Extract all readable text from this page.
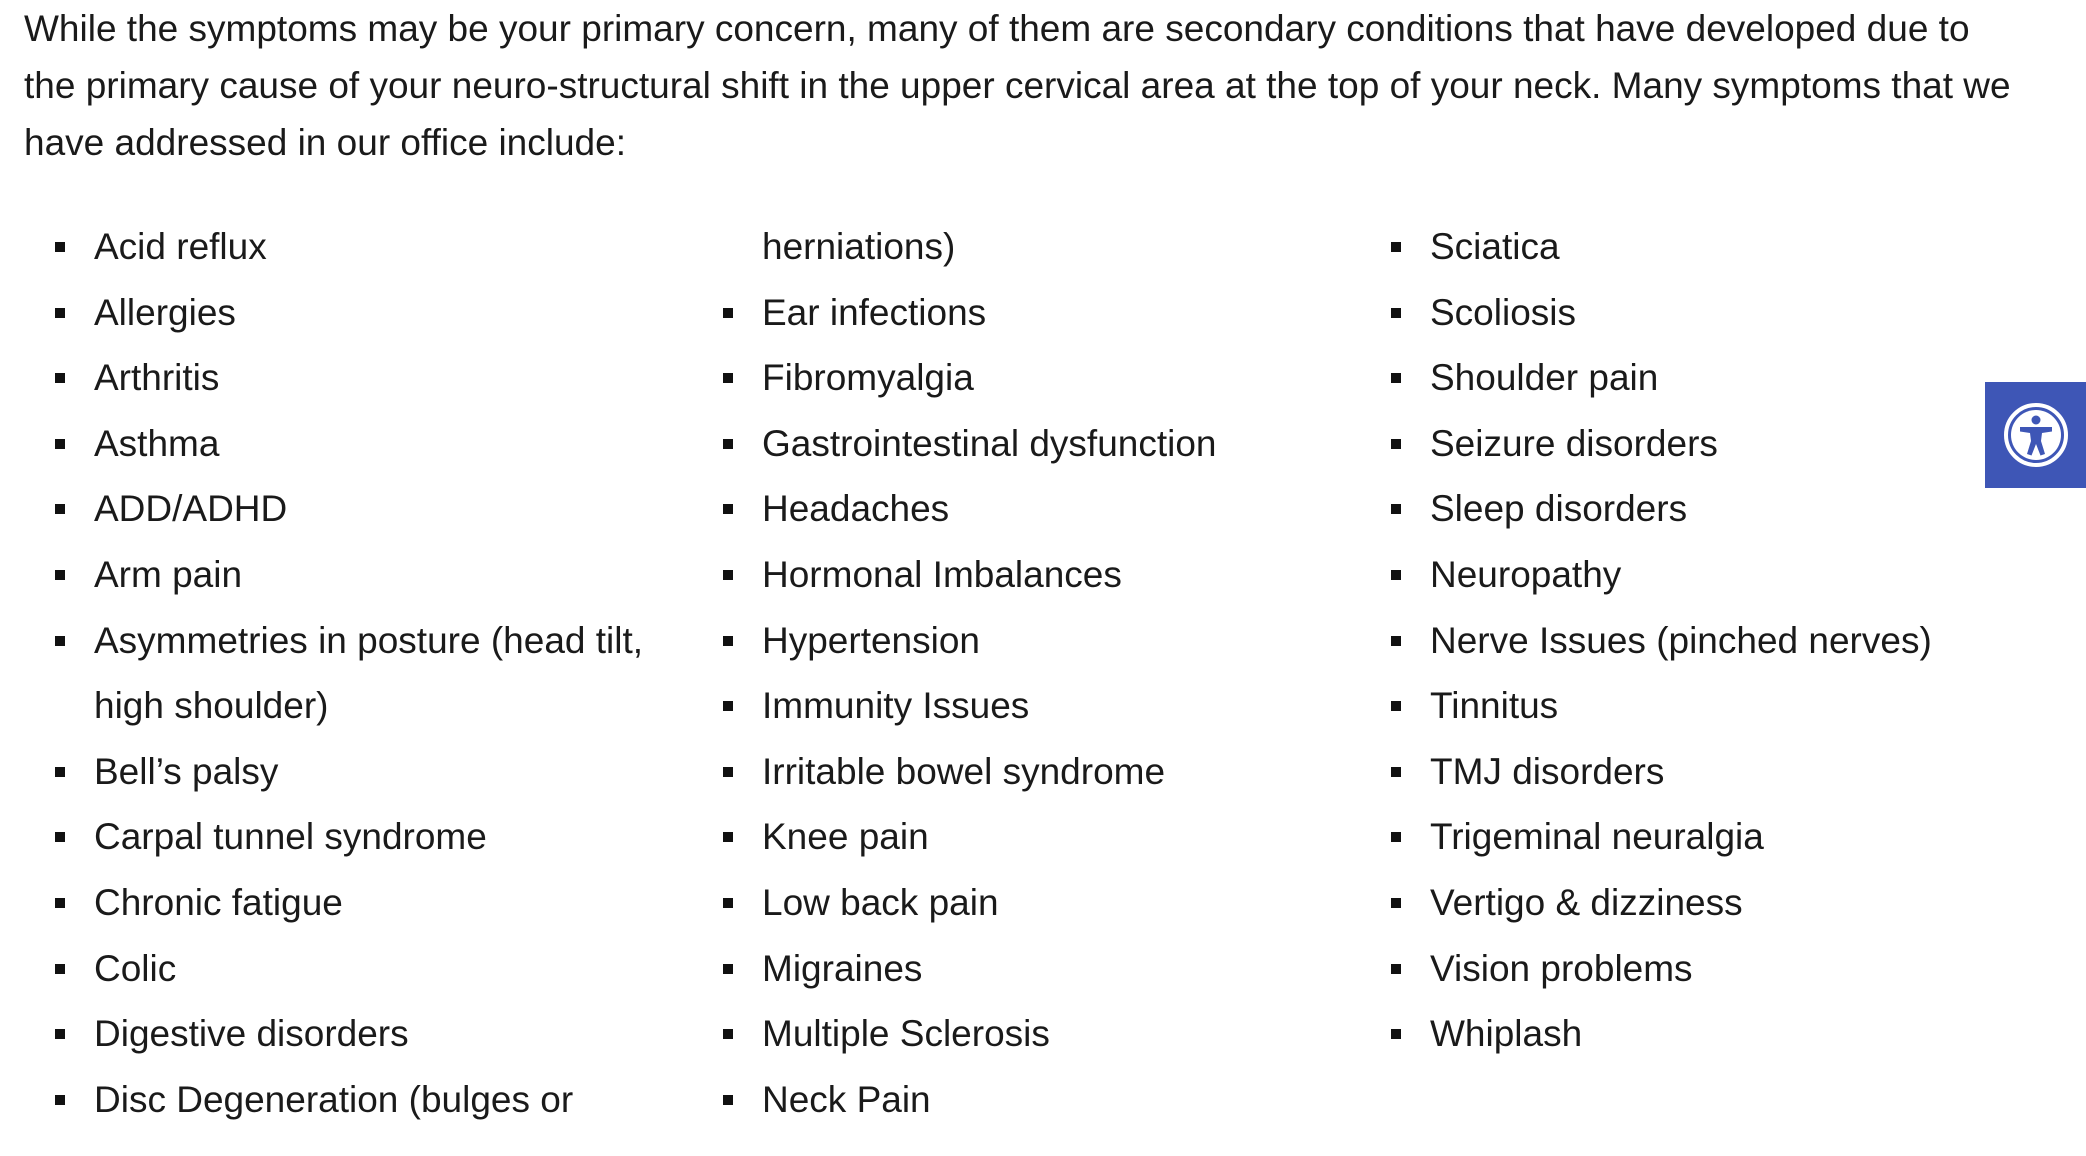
While the symptoms may be your primary concern, many of them are secondary conditions that have developed due to the primary cause of your neuro-structural shift in the upper cervical area at the top of your neck. Many symptoms that we have addressed in our office include:

Acid reflux
Allergies
Arthritis
Asthma
ADD/ADHD
Arm pain
Asymmetries in posture (head tilt, high shoulder)
Bell’s palsy
Carpal tunnel syndrome
Chronic fatigue
Colic
Digestive disorders
Disc Degeneration (bulges or
herniations)
Ear infections
Fibromyalgia
Gastrointestinal dysfunction
Headaches
Hormonal Imbalances
Hypertension
Immunity Issues
Irritable bowel syndrome
Knee pain
Low back pain
Migraines
Multiple Sclerosis
Neck Pain
Sciatica
Scoliosis
Shoulder pain
Seizure disorders
Sleep disorders
Neuropathy
Nerve Issues (pinched nerves)
Tinnitus
TMJ disorders
Trigeminal neuralgia
Vertigo & dizziness
Vision problems
Whiplash
